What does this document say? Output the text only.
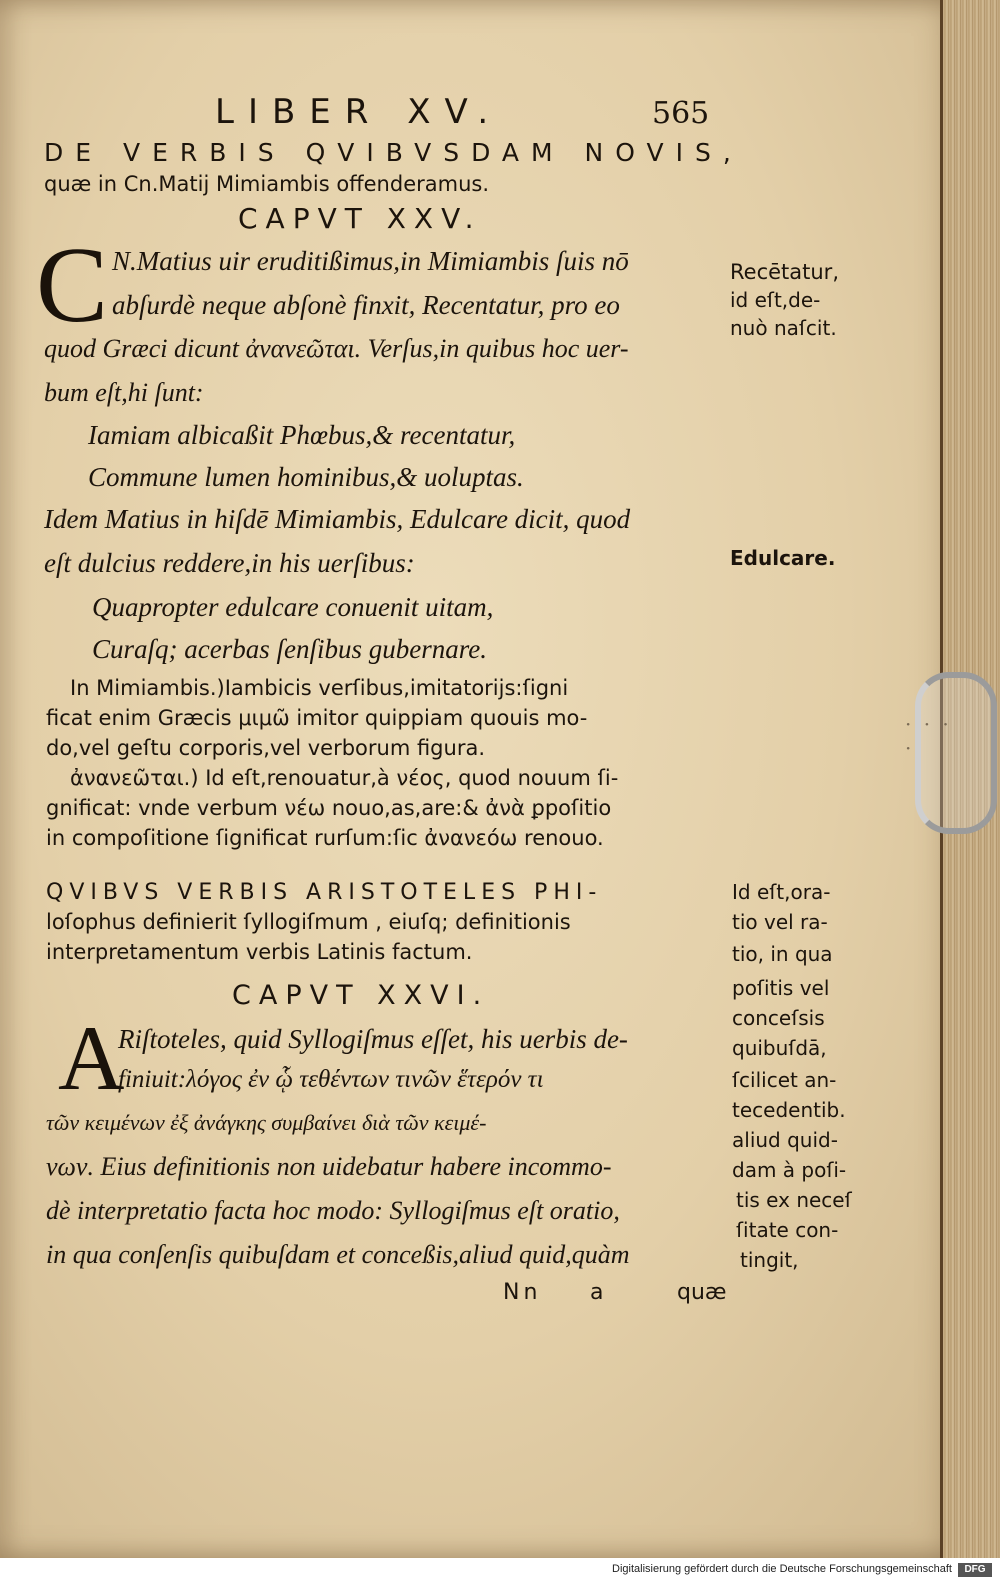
· · · ·
LIBER XV.	565
DE VERBIS QVIBVSDAM NOVIS,
quæ in Cn.Matij Mimiambis offenderamus.
CAPVT XXV.
C N.Matius uir eruditißimus,in Mimiambis ſuis nō
abſurdè neque abſonè finxit, Recentatur, pro eo
quod Græci dicunt ἀνανεῶται. Verſus,in quibus hoc uer-
bum eſt,hi ſunt:
Iamiam albicaßit Phœbus,& recentatur,
Commune lumen hominibus,& uoluptas.
Idem Matius in hiſdē Mimiambis, Edulcare dicit, quod
eſt dulcius reddere,in his uerſibus:
Quapropter edulcare conuenit uitam,
Curaſq; acerbas ſenſibus gubernare.
In Mimiambis.)Iambicis verſibus,imitatorijs:ſigni
ficat enim Græcis μιμῶ imitor quippiam quouis mo-
do,vel geſtu corporis,vel verborum figura.
ἀνανεῶται.) Id eſt,renouatur,à νέος, quod nouum ſi-
gnificat: vnde verbum νέω nouo,as,are:& ἀνὰ ꝑpoſitio
in compoſitione ſignificat rurſum:ſic ἀνανεόω renouo.
QVIBVS VERBIS ARISTOTELES PHI-
loſophus definierit ſyllogiſmum , eiuſq; definitionis
interpretamentum verbis Latinis factum.
CAPVT XXVI.
A
Riſtoteles, quid Syllogiſmus eſſet, his uerbis de-
finiuit:λόγος ἐν ᾧ τεθέντων τινῶν ἕτερόν τι
τῶν κειμένων ἐξ ἀνάγκης συμβαίνει διὰ τῶν κειμέ-
νων. Eius definitionis non uidebatur habere incommo-
dè interpretatio facta hoc modo: Syllogiſmus eſt oratio,
in qua conſenſis quibuſdam et conceßis,aliud quid,quàm
Recētatur,
id eſt,de-
nuò naſcit.
Edulcare.
Id eſt,ora-
tio vel ra-
tio, in qua
poſitis vel
conceſsis
quibuſdā,
ſcilicet an-
tecedentib.
aliud quid-
dam à poſi-
tis ex neceſ
ſitate con-
tingit,
Nn a	quæ
Digitalisierung gefördert durch die Deutsche Forschungsgemeinschaft	DFG
